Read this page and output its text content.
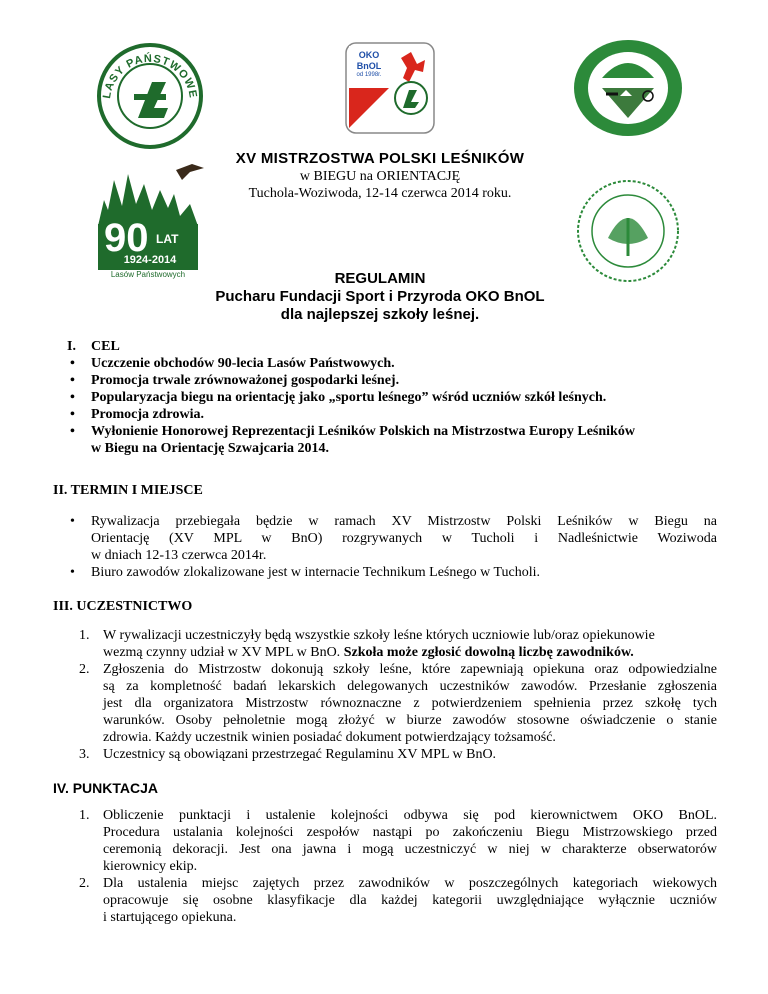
LASY PAŃSTWOWE
OKO BnOL
od 1998r.
90 LAT
1924-2014
Lasów Państwowych
XV MISTRZOSTWA POLSKI LEŚNIKÓW
w BIEGU na ORIENTACJĘ
Tuchola-Woziwoda, 12-14 czerwca 2014 roku.
REGULAMIN
Pucharu Fundacji Sport i Przyroda OKO BnOL
dla najlepszej szkoły leśnej.
I. CEL
• Uczczenie obchodów 90-lecia Lasów Państwowych.
• Promocja trwale zrównoważonej gospodarki leśnej.
• Popularyzacja biegu na orientację jako „sportu leśnego” wśród uczniów szkół leśnych.
• Promocja zdrowia.
• Wyłonienie Honorowej Reprezentacji Leśników Polskich na Mistrzostwa Europy Leśników
w Biegu na Orientację Szwajcaria 2014.
II. TERMIN I MIEJSCE
• Rywalizacja przebiegała będzie w ramach XV Mistrzostw Polski Leśników w Biegu na
Orientację (XV MPL w BnO) rozgrywanych w Tucholi i Nadleśnictwie Woziwoda
w dniach 12-13 czerwca 2014r.
• Biuro zawodów zlokalizowane jest w internacie Technikum Leśnego w Tucholi.
III. UCZESTNICTWO
1. W rywalizacji uczestniczyły będą wszystkie szkoły leśne których uczniowie lub/oraz opiekunowie
wezmą czynny udział w XV MPL w BnO. Szkoła może zgłosić dowolną liczbę zawodników.
2. Zgłoszenia do Mistrzostw dokonują szkoły leśne, które zapewniają opiekuna oraz odpowiedzialne
są za kompletność badań lekarskich delegowanych uczestników zawodów. Przesłanie zgłoszenia
jest dla organizatora Mistrzostw równoznaczne z potwierdzeniem spełnienia przez szkołę tych
warunków. Osoby pełnoletnie mogą złożyć w biurze zawodów stosowne oświadczenie o stanie
zdrowia. Każdy uczestnik winien posiadać dokument potwierdzający tożsamość.
3. Uczestnicy są obowiązani przestrzegać Regulaminu XV MPL w BnO.
IV. PUNKTACJA
1. Obliczenie punktacji i ustalenie kolejności odbywa się pod kierownictwem OKO BnOL.
Procedura ustalania kolejności zespołów nastąpi po zakończeniu Biegu Mistrzowskiego przed
ceremonią dekoracji. Jest ona jawna i mogą uczestniczyć w niej w charakterze obserwatorów
kierownicy ekip.
2. Dla ustalenia miejsc zajętych przez zawodników w poszczególnych kategoriach wiekowych
opracowuje się osobne klasyfikacje dla każdej kategorii uwzględniające wyłącznie uczniów
i startującego opiekuna.
